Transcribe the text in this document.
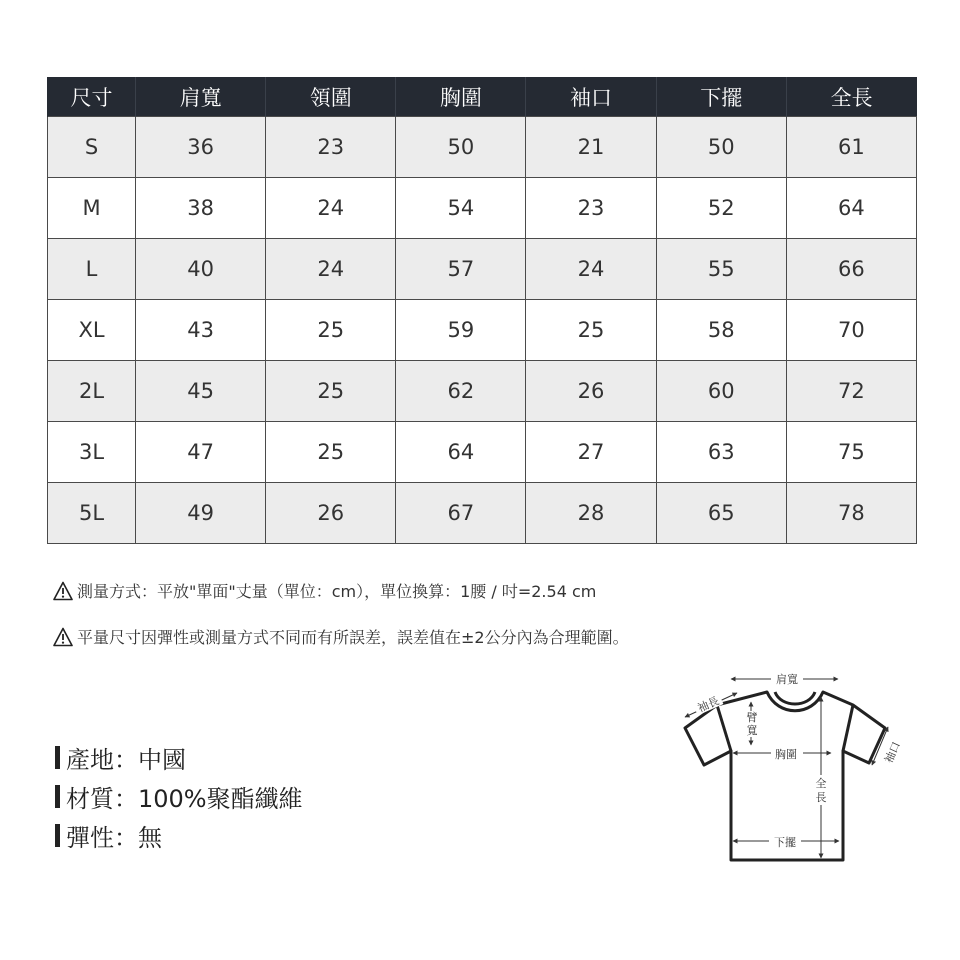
尺寸	肩寬	領圍	胸圍	袖口	下擺	全長
S	36	23	50	21	50	61
M	38	24	54	23	52	64
L	40	24	57	24	55	66
XL	43	25	59	25	58	70
2L	45	25	62	26	60	72
3L	47	25	64	27	63	75
5L	49	26	67	28	65	78
測量方式：平放"單面"丈量（單位：cm），單位換算：1腰 / 吋=2.54 cm
平量尺寸因彈性或測量方式不同而有所誤差，誤差值在±2公分內為合理範圍。
產地：中國
材質：100%聚酯纖維
彈性：無
肩寬
袖長
臂
寬
胸圍	袖口
全
長
下擺
